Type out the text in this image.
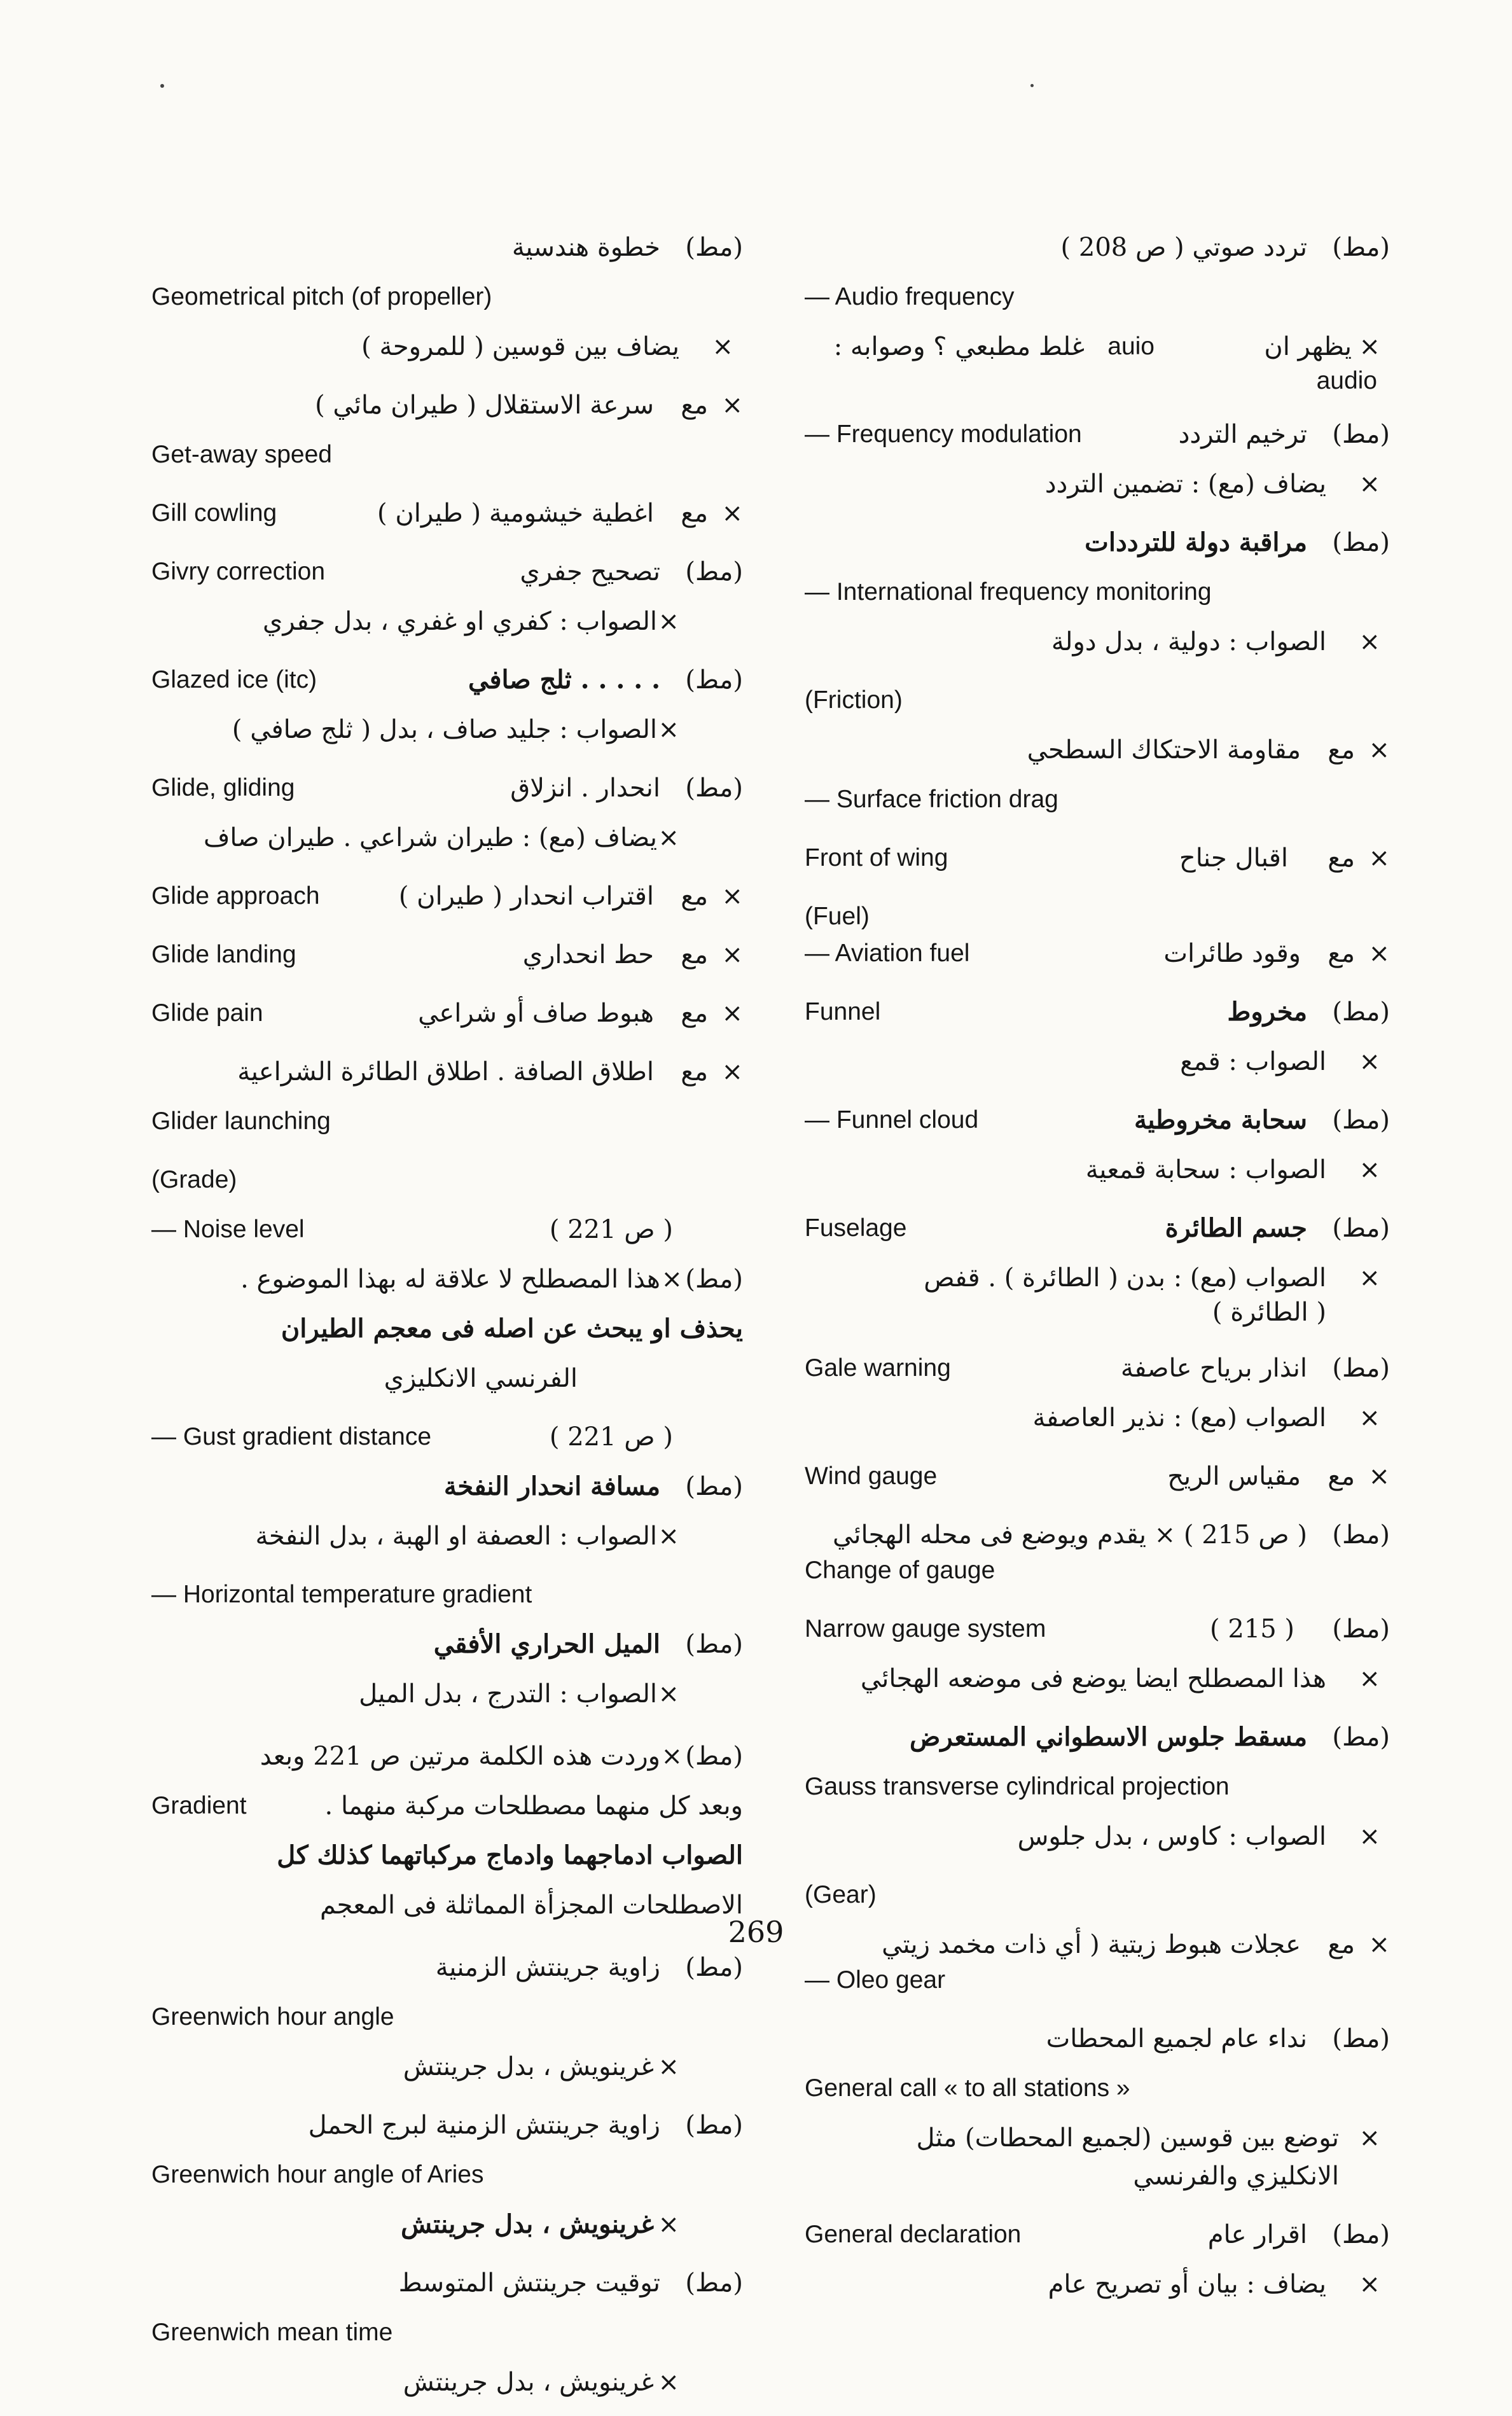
خطوة هندسية (مط)
Geometrical pitch (of propeller)
يضاف بين قوسين ( للمروحة ) ×
سرعة الاستقلال ( طيران مائي ) مع ×
Get-away speed
Gill cowling	اغطية خيشومية ( طيران ) مع ×
Givry correction	تصحيح جفري (مط)
الصواب : كفري او غفري ، بدل جفري ×
Glazed ice (itc)	. . . . . ثلج صافي (مط)
الصواب : جليد صاف ، بدل ( ثلج صافي ) ×
Glide, gliding	انحدار . انزلاق (مط)
يضاف (مع) : طيران شراعي . طيران صاف ×
Glide approach	اقتراب انحدار ( طيران ) مع ×
Glide landing	حط انحداري مع ×
Glide pain	هبوط صاف أو شراعي مع ×
اطلاق الصافة . اطلاق الطائرة الشراعية مع ×
Glider launching
(Grade)
— Noise level	( ص 221 )
هذا المصطلح لا علاقة له بهذا الموضوع . × (مط)
يحذف او يبحث عن اصله فى معجم الطيران
الفرنسي الانكليزي
— Gust gradient distance	( ص 221 )
مسافة انحدار النفخة (مط)
الصواب : العصفة او الهبة ، بدل النفخة ×
— Horizontal temperature gradient
الميل الحراري الأفقي (مط)
الصواب : التدرج ، بدل الميل ×
وردت هذه الكلمة مرتين ص 221 وبعد × (مط)
Gradient	وبعد كل منهما مصطلحات مركبة منهما .
الصواب ادماجهما وادماج مركباتهما كذلك كل
الاصطلحات المجزأة المماثلة فى المعجم
زاوية جرينتش الزمنية (مط)
Greenwich hour angle
غرينويش ، بدل جرينتش ×
زاوية جرينتش الزمنية لبرج الحمل (مط)
Greenwich hour angle of Aries
غرينويش ، بدل جرينتش ×
توقيت جرينتش المتوسط (مط)
Greenwich mean time
غرينويش ، بدل جرينتش ×
تردد صوتي ( ص 208 ) (مط)
— Audio frequency
غلط مطبعي ؟ وصوابه : auio	يظهر ان ×
audio
— Frequency modulation	ترخيم التردد (مط)
يضاف (مع) : تضمين التردد ×
مراقبة دولة للترددات (مط)
— International frequency monitoring
الصواب : دولية ، بدل دولة ×
(Friction)
مقاومة الاحتكاك السطحي مع ×
— Surface friction drag
Front of wing	اقبال جناح مع ×
(Fuel)
— Aviation fuel	وقود طائرات مع ×
Funnel	مخروط (مط)
الصواب : قمع ×
— Funnel cloud	سحابة مخروطية (مط)
الصواب : سحابة قمعية ×
Fuselage	جسم الطائرة (مط)
الصواب (مع) : بدن ( الطائرة ) . قفص ×
( الطائرة )
Gale warning	انذار برياح عاصفة (مط)
الصواب (مع) : نذير العاصفة ×
Wind gauge	مقياس الريح مع ×
( ص 215 ) × يقدم ويوضع فى محله الهجائي (مط)
Change of gauge
Narrow gauge system	( 215 ) (مط)
هذا المصطلح ايضا يوضع فى موضعه الهجائي ×
مسقط جلوس الاسطواني المستعرض (مط)
Gauss transverse cylindrical projection
الصواب : كاوس ، بدل جلوس ×
(Gear)
عجلات هبوط زيتية ( أي ذات مخمد زيتي مع ×
— Oleo gear
نداء عام لجميع المحطات (مط)
General call « to all stations »
توضع بين قوسين (لجميع المحطات) مثل ×
الانكليزي والفرنسي
General declaration	اقرار عام (مط)
يضاف : بيان أو تصريح عام ×
269
